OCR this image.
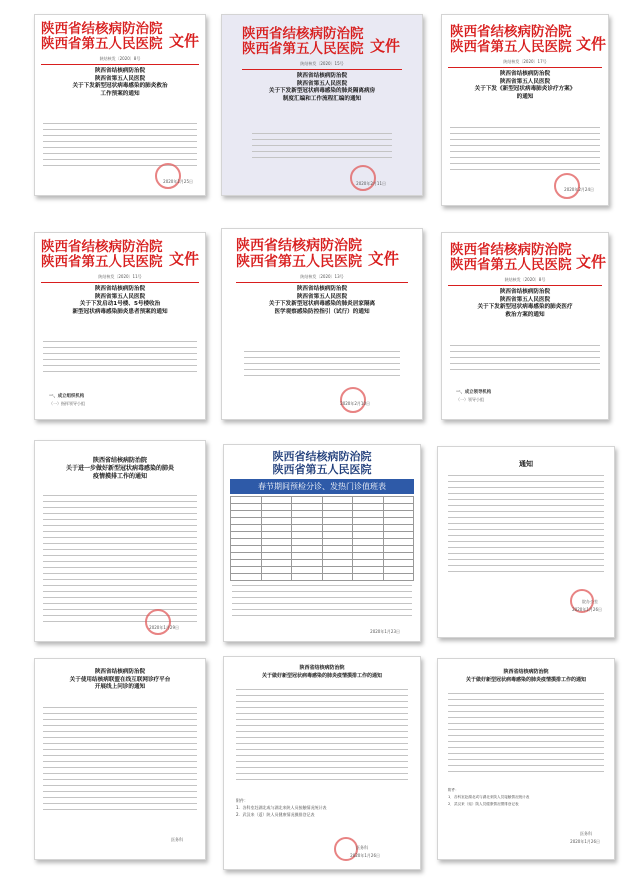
陕西省结核病防治院
陕西省第五人民医院 文件
陕结核发〔2020〕8号
陕西省结核病防治院
陕西省第五人民医院
关于下发新型冠状病毒感染的肺炎救治
工作预案的通知
2020年1月25日
陕西省结核病防治院
陕西省第五人民医院 文件
陕结核发〔2020〕15号
陕西省结核病防治院
陕西省第五人民医院
关于下发新型冠状病毒感染的肺炎隔离病房
制度汇编和工作流程汇编的通知
2020年2月11日
陕西省结核病防治院
陕西省第五人民医院 文件
陕结核发〔2020〕17号
陕西省结核病防治院
陕西省第五人民医院
关于下发《新型冠状病毒肺炎诊疗方案》
的通知
2020年2月24日
陕西省结核病防治院
陕西省第五人民医院 文件
陕结核发〔2020〕11号
陕西省结核病防治院
陕西省第五人民医院
关于下发启动1号楼、5号楼收治
新型冠状病毒感染肺炎患者预案的通知
一、成立组织机构
（一）指挥领导小组
陕西省结核病防治院
陕西省第五人民医院 文件
陕结核发〔2020〕13号
陕西省结核病防治院
陕西省第五人民医院
关于下发新型冠状病毒感染的肺炎居家隔离
医学观察感染防控指引（试行）的通知
2020年2月10日
陕西省结核病防治院
陕西省第五人民医院 文件
陕结核发〔2020〕8号
陕西省结核病防治院
陕西省第五人民医院
关于下发新型冠状病毒感染的肺炎医疗
救治方案的通知
一、成立领导机构
（一）领导小组
陕西省结核病防治院
关于进一步做好新型冠状病毒感染的肺炎
疫情摸排工作的通知
2020年1月29日
陕西省结核病防治院
陕西省第五人民医院
春节期间预检分诊、发热门诊值班表

2020年1月23日
通知
院办公室
2020年1月26日
陕西省结核病防治院
关于使用结核病联盟在线互联网诊疗平台
开展线上问诊的通知
医务科
陕西省结核病防治院
关于做好新型冠状病毒感染的肺炎疫情摸排工作的通知
附件：
1．各科室赴湖北或与湖北来陕人员接触情况统计表
2．武汉来（返）陕人员健康情况摸排登记表
医务科
2020年1月26日
陕西省结核病防治院
关于做好新型冠状病毒感染的肺炎疫情摸排工作的通知
附件：
1．各科室赴湖北或与湖北来陕人员接触情况统计表
2．武汉来（返）陕人员健康情况摸排登记表
医务科
2020年1月26日
